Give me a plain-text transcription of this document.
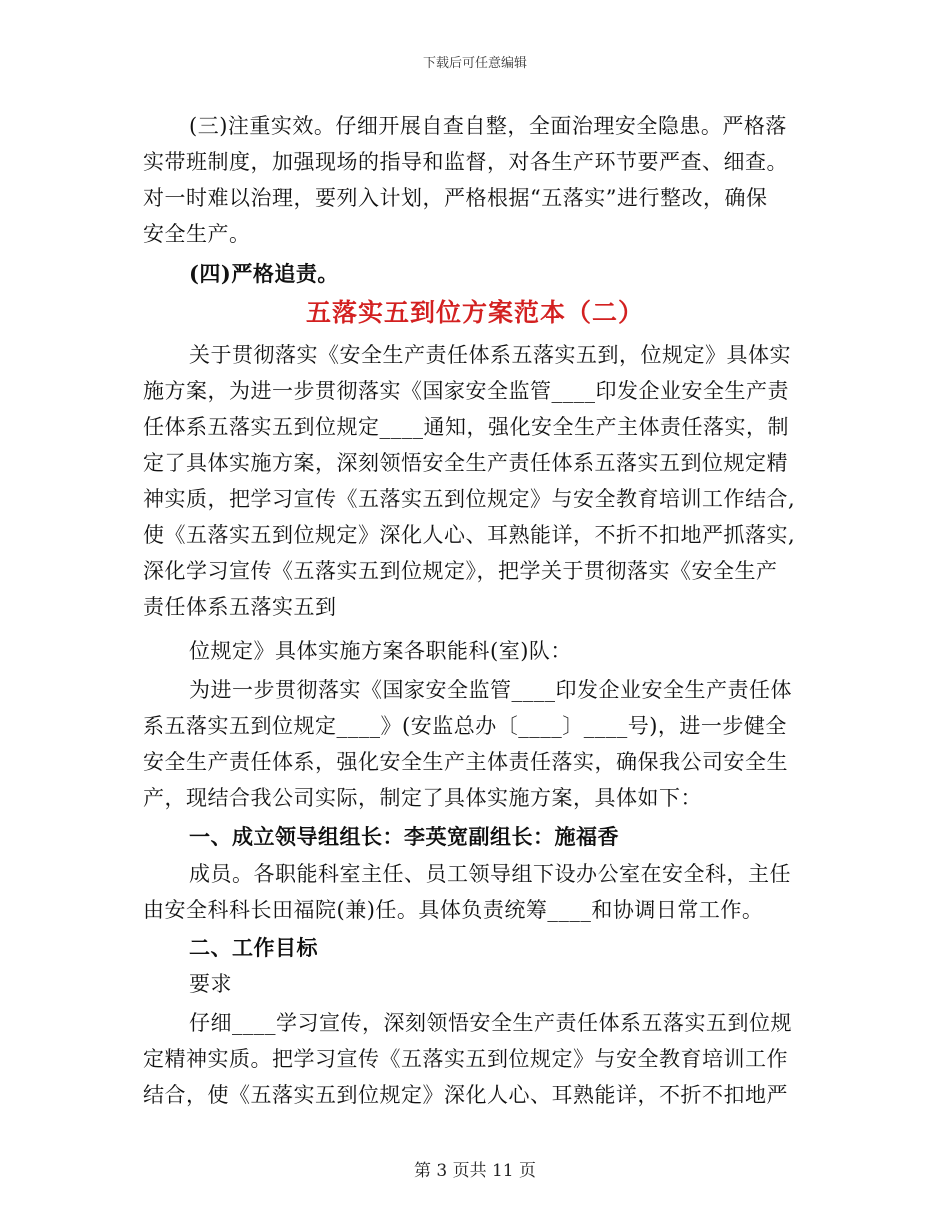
下载后可任意编辑
(三)注重实效。仔细开展自查自整，全面治理安全隐患。严格落
实带班制度，加强现场的指导和监督，对各生产环节要严查、细查。
对一时难以治理，要列入计划，严格根据“五落实”进行整改，确保
安全生产。
(四)严格追责。
五落实五到位方案范本（二）
关于贯彻落实《安全生产责任体系五落实五到，位规定》具体实
施方案，为进一步贯彻落实《国家安全监管____印发企业安全生产责
任体系五落实五到位规定____通知，强化安全生产主体责任落实，制
定了具体实施方案，深刻领悟安全生产责任体系五落实五到位规定精
神实质，把学习宣传《五落实五到位规定》与安全教育培训工作结合,
使《五落实五到位规定》深化人心、耳熟能详，不折不扣地严抓落实,
深化学习宣传《五落实五到位规定》，把学关于贯彻落实《安全生产
责任体系五落实五到
位规定》具体实施方案各职能科(室)队：
为进一步贯彻落实《国家安全监管____印发企业安全生产责任体
系五落实五到位规定____》(安监总办〔____〕____号)，进一步健全
安全生产责任体系，强化安全生产主体责任落实，确保我公司安全生
产，现结合我公司实际，制定了具体实施方案，具体如下：
一、成立领导组组长：李英宽副组长：施福香
成员。各职能科室主任、员工领导组下设办公室在安全科，主任
由安全科科长田福院(兼)任。具体负责统筹____和协调日常工作。
二、工作目标
要求
仔细____学习宣传，深刻领悟安全生产责任体系五落实五到位规
定精神实质。把学习宣传《五落实五到位规定》与安全教育培训工作
结合，使《五落实五到位规定》深化人心、耳熟能详，不折不扣地严
第 3 页共 11 页
